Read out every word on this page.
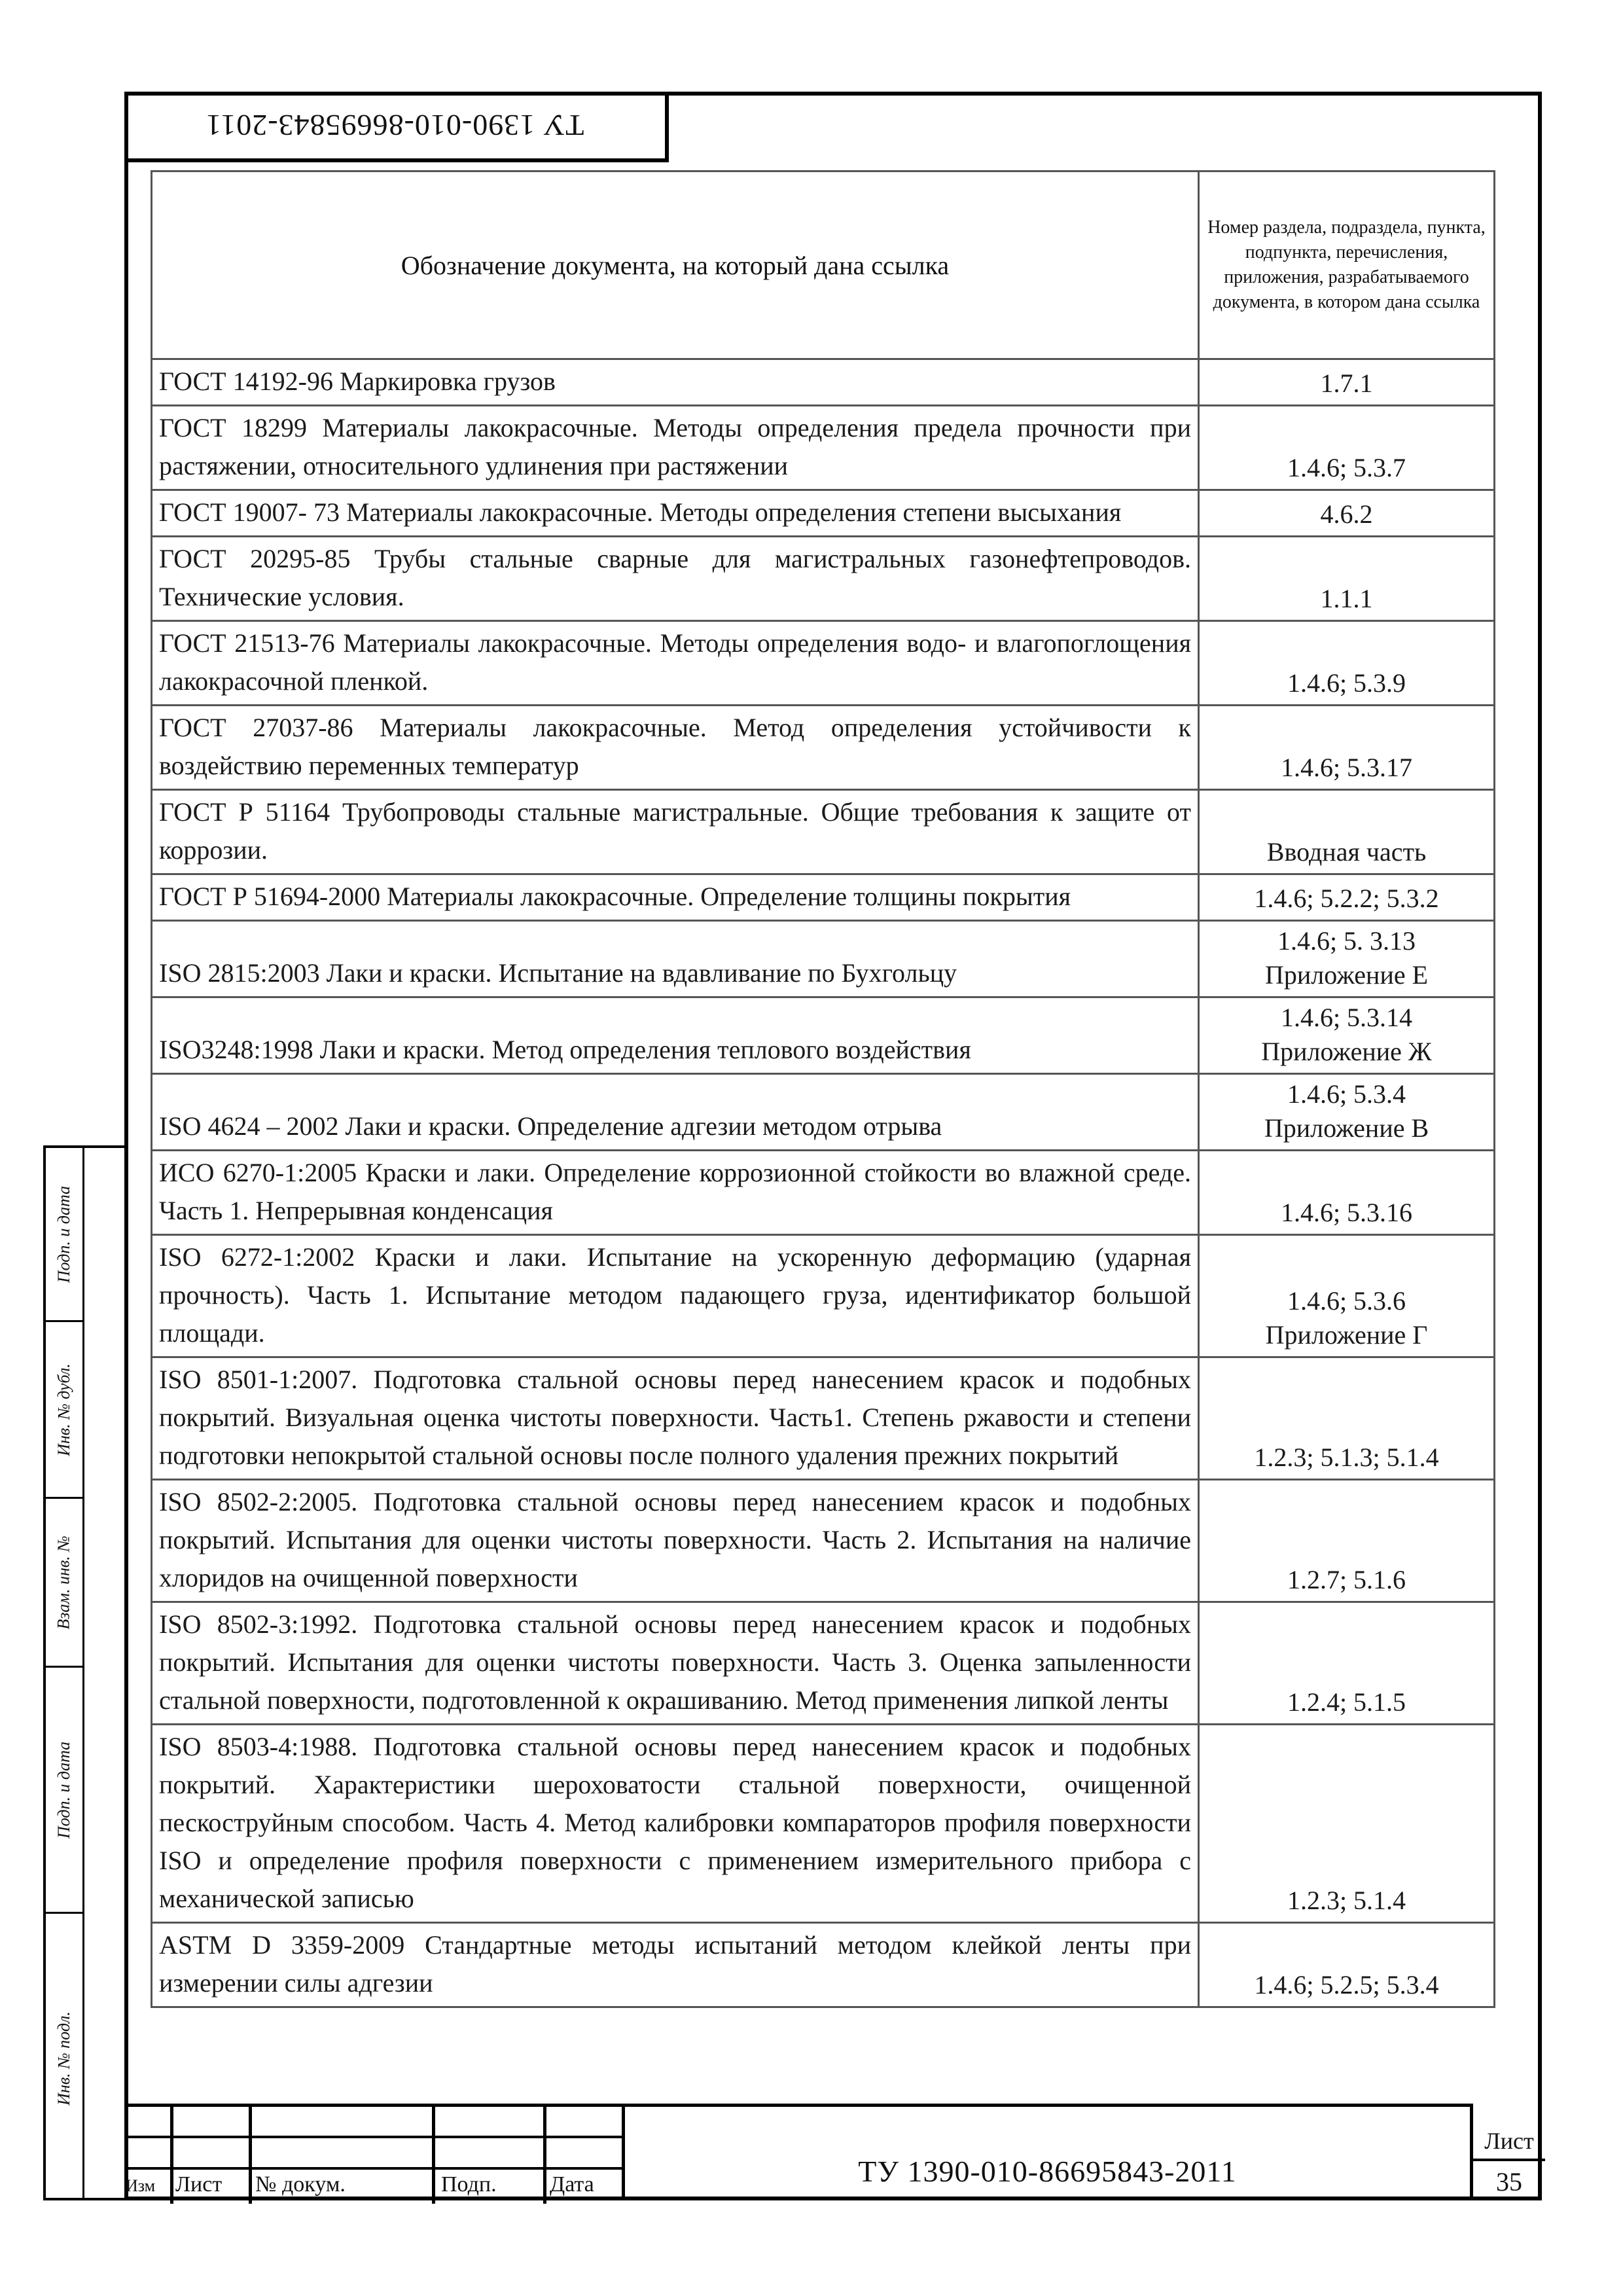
ТУ 1390-010-86695843-2011
Подп. и дата
Инв. № дубл.
Взам. инв. №
Подп. и дата
Инв. № подл.
Обозначение документа, на который дана ссылка	Номер раздела, подраздела, пункта, подпункта, перечисления, приложения, разрабатываемого документа, в котором дана ссылка
ГОСТ 14192-96 Маркировка грузов	1.7.1

ГОСТ 18299 Материалы лакокрасочные. Методы определения предела прочности при растяжении, относительного удлинения при растяжении	1.4.6; 5.3.7

ГОСТ 19007- 73 Материалы лакокрасочные. Методы определения степени высыхания	4.6.2

ГОСТ 20295-85 Трубы стальные сварные для магистральных газонефтепроводов. Технические условия.	1.1.1

ГОСТ 21513-76 Материалы лакокрасочные. Методы определения водо- и влагопоглощения лакокрасочной пленкой.	1.4.6; 5.3.9

ГОСТ 27037-86 Материалы лакокрасочные. Метод определения устойчивости к воздействию переменных температур	1.4.6; 5.3.17

ГОСТ Р 51164 Трубопроводы стальные магистральные. Общие требования к защите от коррозии.	Вводная часть

ГОСТ Р 51694-2000 Материалы лакокрасочные. Определение толщины покрытия	1.4.6; 5.2.2; 5.3.2

ISO 2815:2003 Лаки и краски. Испытание на вдавливание по Бухгольцу	1.4.6; 5. 3.13
Приложение Е

ISO3248:1998 Лаки и краски. Метод определения теплового воздействия	1.4.6; 5.3.14
Приложение Ж

ISO 4624 – 2002 Лаки и краски. Определение адгезии методом отрыва	1.4.6; 5.3.4
Приложение В

ИСО 6270-1:2005 Краски и лаки. Определение коррозионной стойкости во влажной среде. Часть 1. Непрерывная конденсация	1.4.6; 5.3.16

ISO 6272-1:2002 Краски и лаки. Испытание на ускоренную деформацию (ударная прочность). Часть 1. Испытание методом падающего груза, идентификатор большой площади.	1.4.6; 5.3.6
Приложение Г

ISO 8501-1:2007. Подготовка стальной основы перед нанесением красок и подобных покрытий. Визуальная оценка чистоты поверхности. Часть1. Степень ржавости и степени подготовки непокрытой стальной основы после полного удаления прежних покрытий	1.2.3; 5.1.3; 5.1.4

ISO 8502-2:2005. Подготовка стальной основы перед нанесением красок и подобных покрытий. Испытания для оценки чистоты поверхности. Часть 2. Испытания на наличие хлоридов на очищенной поверхности	1.2.7; 5.1.6

ISO 8502-3:1992. Подготовка стальной основы перед нанесением красок и подобных покрытий. Испытания для оценки чистоты поверхности. Часть 3. Оценка запыленности стальной поверхности, подготовленной к окрашиванию. Метод применения липкой ленты	1.2.4; 5.1.5

ISO 8503-4:1988. Подготовка стальной основы перед нанесением красок и подобных покрытий. Характеристики шероховатости стальной поверхности, очищенной пескоструйным способом. Часть 4. Метод калибровки компараторов профиля поверхности ISO и определение профиля поверхности с применением измерительного прибора с механической записью	1.2.3; 5.1.4

ASTM D 3359-2009 Стандартные методы испытаний методом клейкой ленты при измерении силы адгезии	1.4.6; 5.2.5; 5.3.4
Изм Лист № докум.	Подп. Дата	ТУ 1390-010-86695843-2011
Лист
35
